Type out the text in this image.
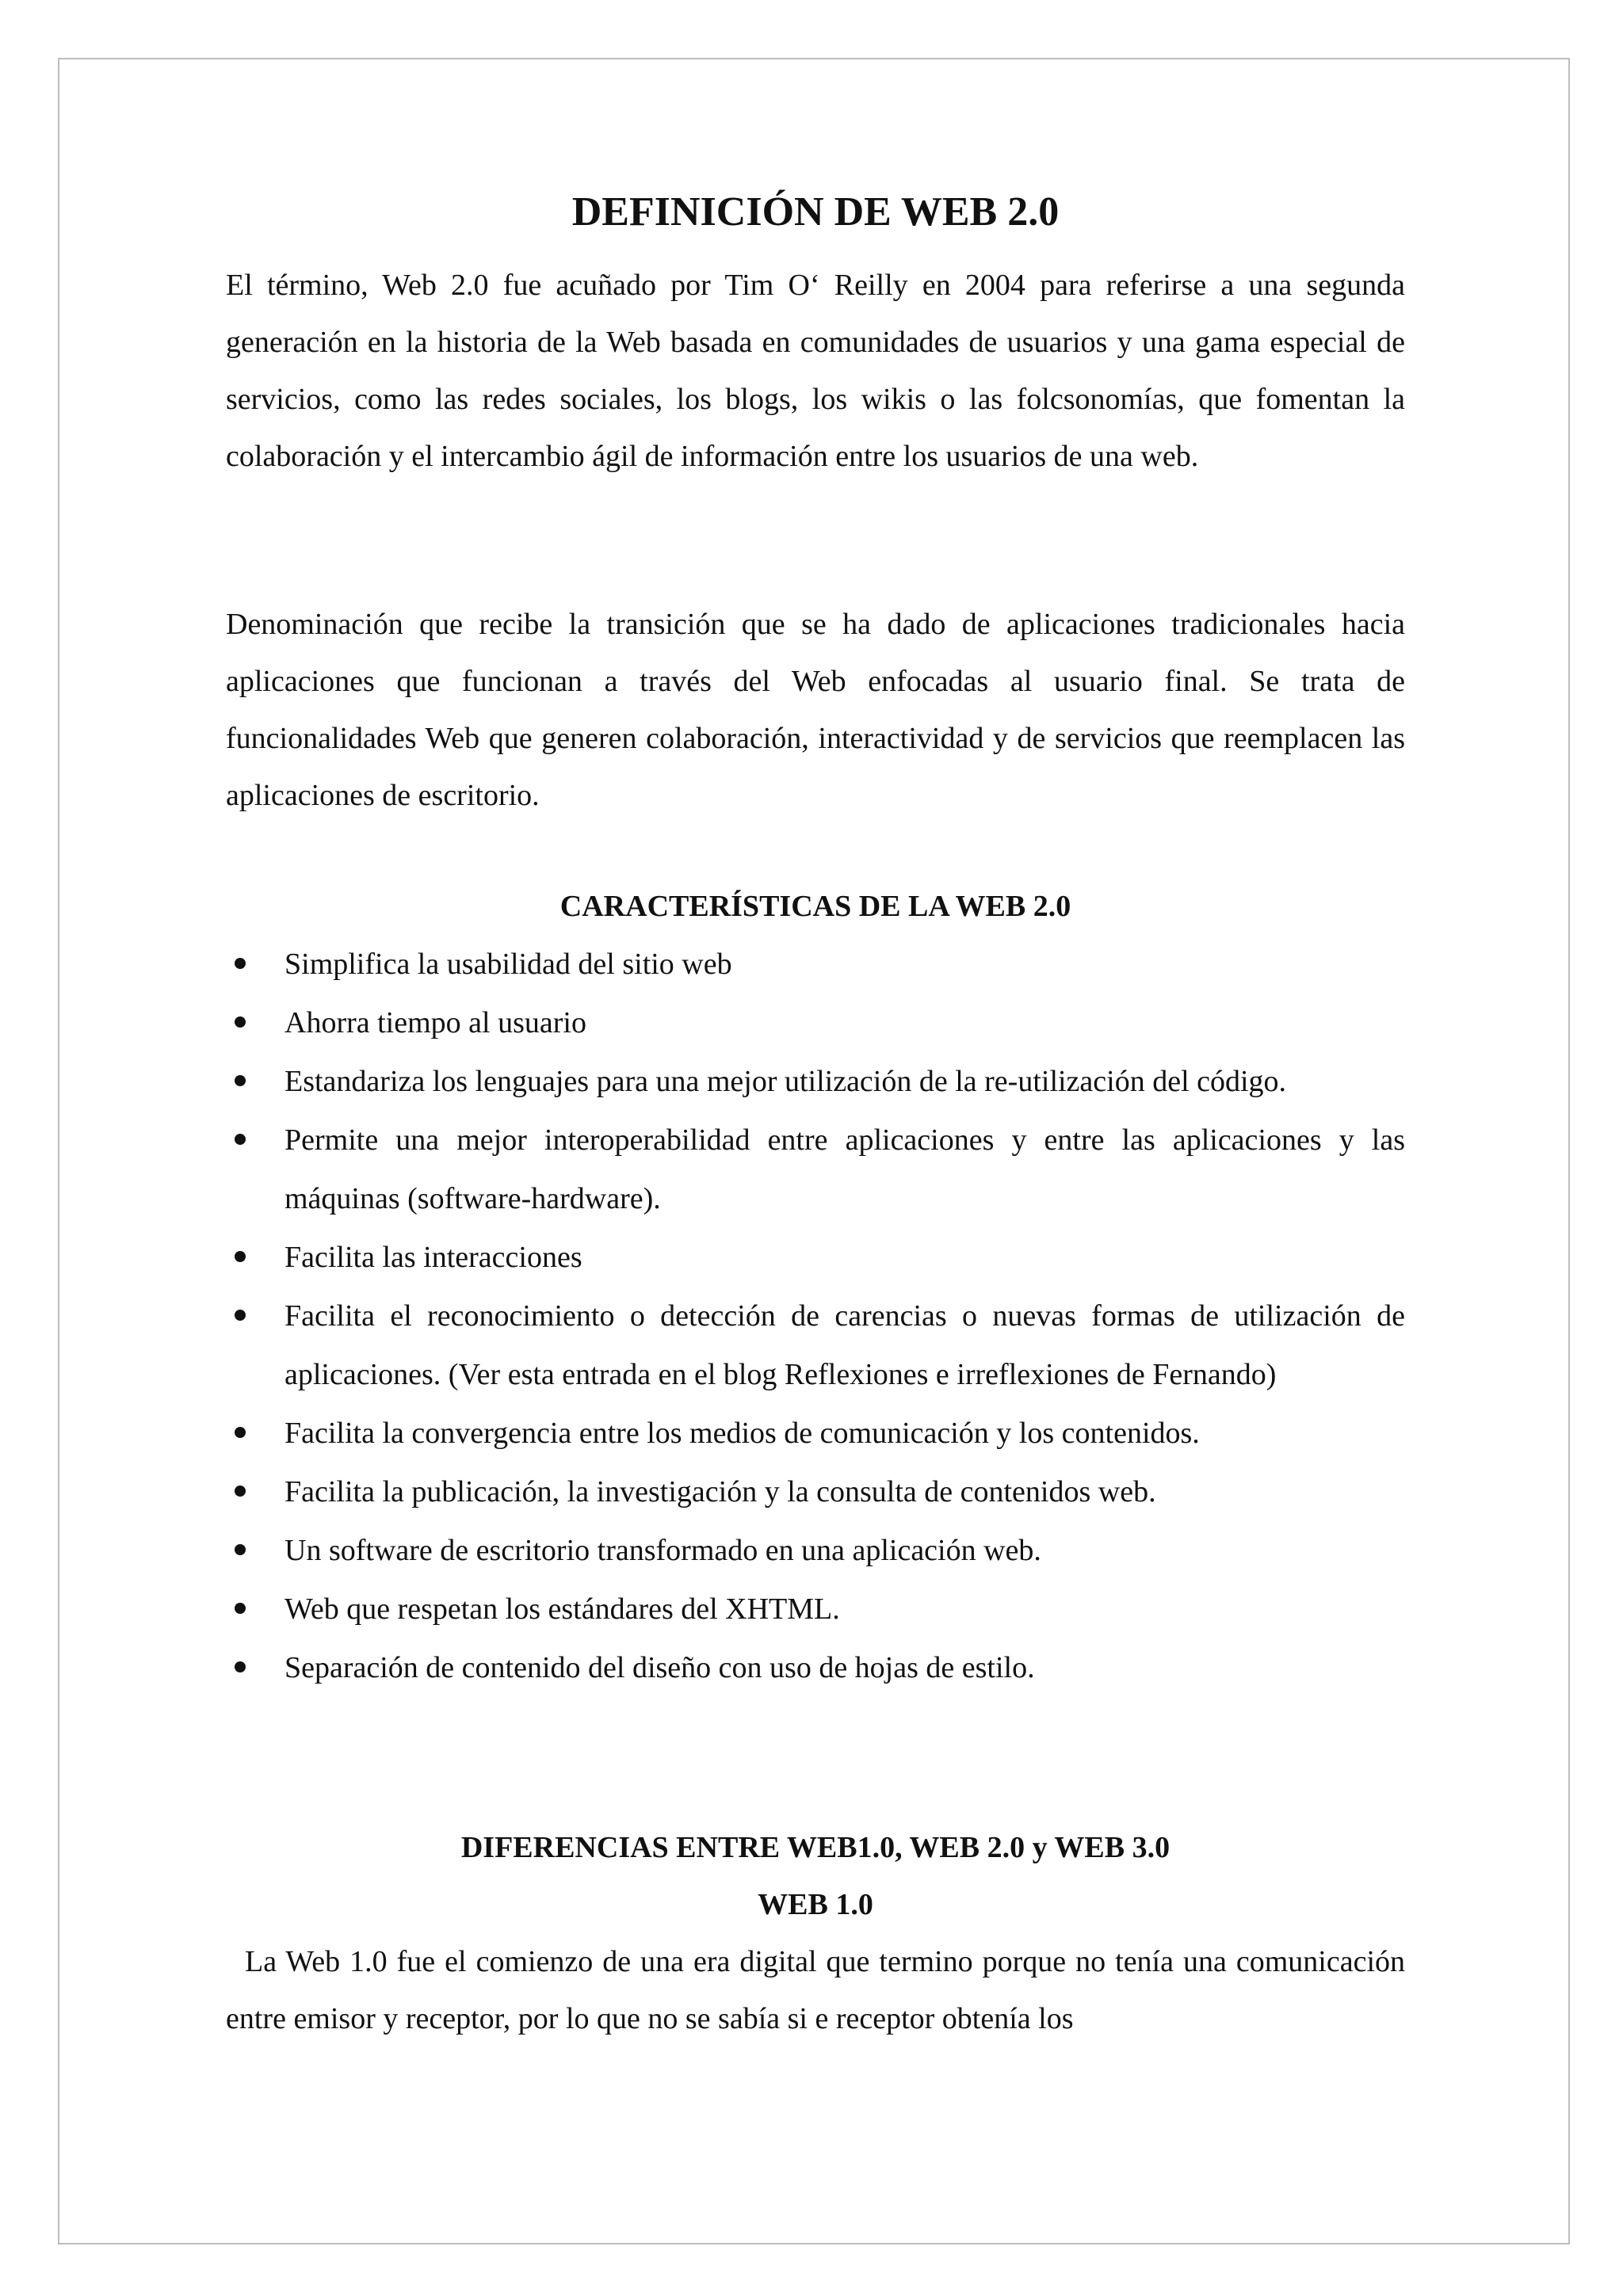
DEFINICIÓN DE WEB 2.0

El término, Web 2.0 fue acuñado por Tim O‘ Reilly en 2004 para referirse a una segunda generación en la historia de la Web basada en comunidades de usuarios y una gama especial de servicios, como las redes sociales, los blogs, los wikis o las folcsonomías, que fomentan la colaboración y el intercambio ágil de información entre los usuarios de una web.

Denominación que recibe la transición que se ha dado de aplicaciones tradicionales hacia aplicaciones que funcionan a través del Web enfocadas al usuario final. Se trata de funcionalidades Web que generen colaboración, interactividad y de servicios que reemplacen las aplicaciones de escritorio.

CARACTERÍSTICAS DE LA WEB 2.0
Simplifica la usabilidad del sitio web
Ahorra tiempo al usuario
Estandariza los lenguajes para una mejor utilización de la re-utilización del código.
Permite una mejor interoperabilidad entre aplicaciones y entre las aplicaciones y las máquinas (software-hardware).
Facilita las interacciones
Facilita el reconocimiento o detección de carencias o nuevas formas de utilización de aplicaciones. (Ver esta entrada en el blog Reflexiones e irreflexiones de Fernando)
Facilita la convergencia entre los medios de comunicación y los contenidos.
Facilita la publicación, la investigación y la consulta de contenidos web.
Un software de escritorio transformado en una aplicación web.
Web que respetan los estándares del XHTML.
Separación de contenido del diseño con uso de hojas de estilo.
DIFERENCIAS ENTRE WEB1.0, WEB 2.0 y WEB 3.0
WEB 1.0

La Web 1.0 fue el comienzo de una era digital que termino porque no tenía una comunicación entre emisor y receptor, por lo que no se sabía si e receptor obtenía los
